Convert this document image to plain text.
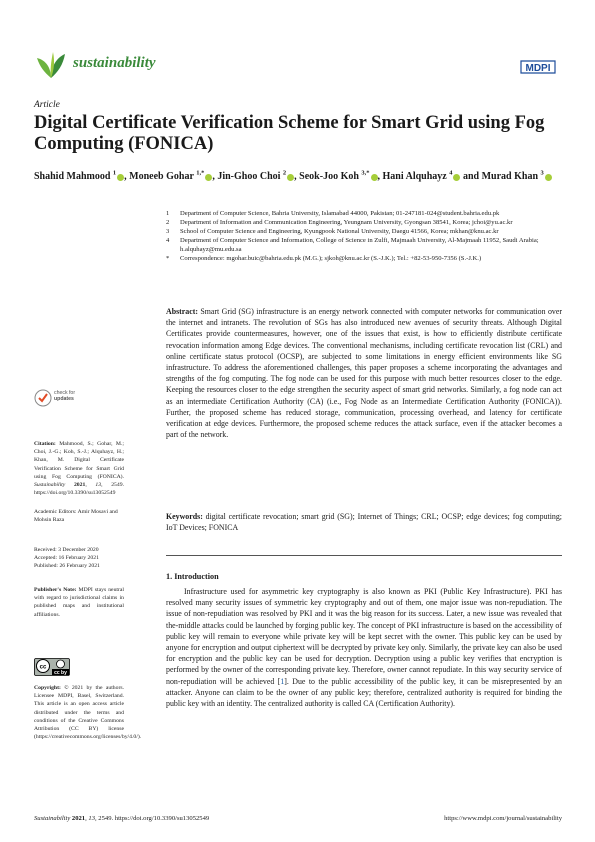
sustainability	MDPI
Article
Digital Certificate Verification Scheme for Smart Grid using Fog Computing (FONICA)
Shahid Mahmood $^1$ , Moneeb Gohar $^{1,*}$ , Jin-Ghoo Choi $^2$ , Seok-Joo Koh $^{3,*}$ , Hani Alquhayz $^4$ and Murad Khan $^3$
1	Department of Computer Science, Bahria University, Islamabad 44000, Pakistan; 01-247181-024@student.bahria.edu.pk
2	Department of Information and Communication Engineering, Yeungnam University, Gyongsan 38541, Korea; jchoi@yu.ac.kr
3	School of Computer Science and Engineering, Kyungpook National University, Daegu 41566, Korea; mkhan@knu.ac.kr
4	Department of Computer Science and Information, College of Science in Zulfi, Majmaah University, Al-Majmaah 11952, Saudi Arabia; h.alquhayz@mu.edu.sa
*	Correspondence: mgohar.buic@bahria.edu.pk (M.G.); sjkoh@knu.ac.kr (S.-J.K.); Tel.: +82-53-950-7356 (S.-J.K.)
Abstract: Smart Grid (SG) infrastructure is an energy network connected with computer networks for communication over the internet and intranets. The revolution of SGs has also introduced new avenues of security threats. Although Digital Certificates provide countermeasures, however, one of the issues that exist, is how to efficiently distribute certificate revocation information among Edge devices. The conventional mechanisms, including certificate revocation list (CRL) and online certificate status protocol (OCSP), are subjected to some limitations in energy efficient environments like SG infrastructure. To address the aforementioned challenges, this paper proposes a scheme incorporating the advantages and strengths of the fog computing. The fog node can be used for this purpose with much better resources closer to the edge. Keeping the resources closer to the edge strengthen the security aspect of smart grid networks. Similarly, a fog node can act as an intermediate Certification Authority (CA) (i.e., Fog Node as an Intermediate Certification Authority (FONICA)). Further, the proposed scheme has reduced storage, communication, processing overhead, and latency for certificate verification at edge devices. Furthermore, the proposed scheme reduces the attack surface, even if the attacker becomes a part of the network.
Keywords: digital certificate revocation; smart grid (SG); Internet of Things; CRL; OCSP; edge devices; fog computing; IoT Devices; FONICA
1. Introduction

Infrastructure used for asymmetric key cryptography is also known as PKI (Public Key Infrastructure). PKI has resolved many security issues of symmetric key cryptography and out of them, one major issue was non-repudiation. The issue of non-repudiation was resolved by PKI and it was the big reason for its success. Later, a new issue was revealed that the-middle attacks could be launched by forging public key. The concept of PKI infrastructure is based on the accessibility of public key will remain to everyone while private key will be kept secret with the owner. This public key can be used by anyone for encryption and output ciphertext will be decrypted by private key only. Similarly, the private key can also be used for encryption and the public key can be used for decryption. Decryption using a public key verifies that encryption is performed by the owner of the corresponding private key. Therefore, owner cannot repudiate. In this way security service of non-repudiation will be achieved [1]. Due to the public accessibility of the public key, it can be misrepresented by an attacker. Anyone can claim to be the owner of any public key; therefore, centralized authority is required for binding the public key with an identity. The centralized authority is called CA (Certification Authority).

check for
updates
Citation: Mahmood, S.; Gohar, M.; Choi, J.-G.; Koh, S.-J.; Alquhayz, H.; Khan, M. Digital Certificate Verification Scheme for Smart Grid using Fog Computing (FONICA). Sustainability 2021, 13, 2549. https://doi.org/10.3390/su13052549
Academic Editors: Amir Mosavi and Mohsin Raza
Received: 3 December 2020
Accepted: 16 February 2021
Published: 26 February 2021
Publisher's Note: MDPI stays neutral with regard to jurisdictional claims in published maps and institutional affiliations.
cc
cc by
Copyright: © 2021 by the authors. Licensee MDPI, Basel, Switzerland. This article is an open access article distributed under the terms and conditions of the Creative Commons Attribution (CC BY) license (https://creativecommons.org/licenses/by/4.0/).
Sustainability 2021, 13, 2549. https://doi.org/10.3390/su13052549	https://www.mdpi.com/journal/sustainability
